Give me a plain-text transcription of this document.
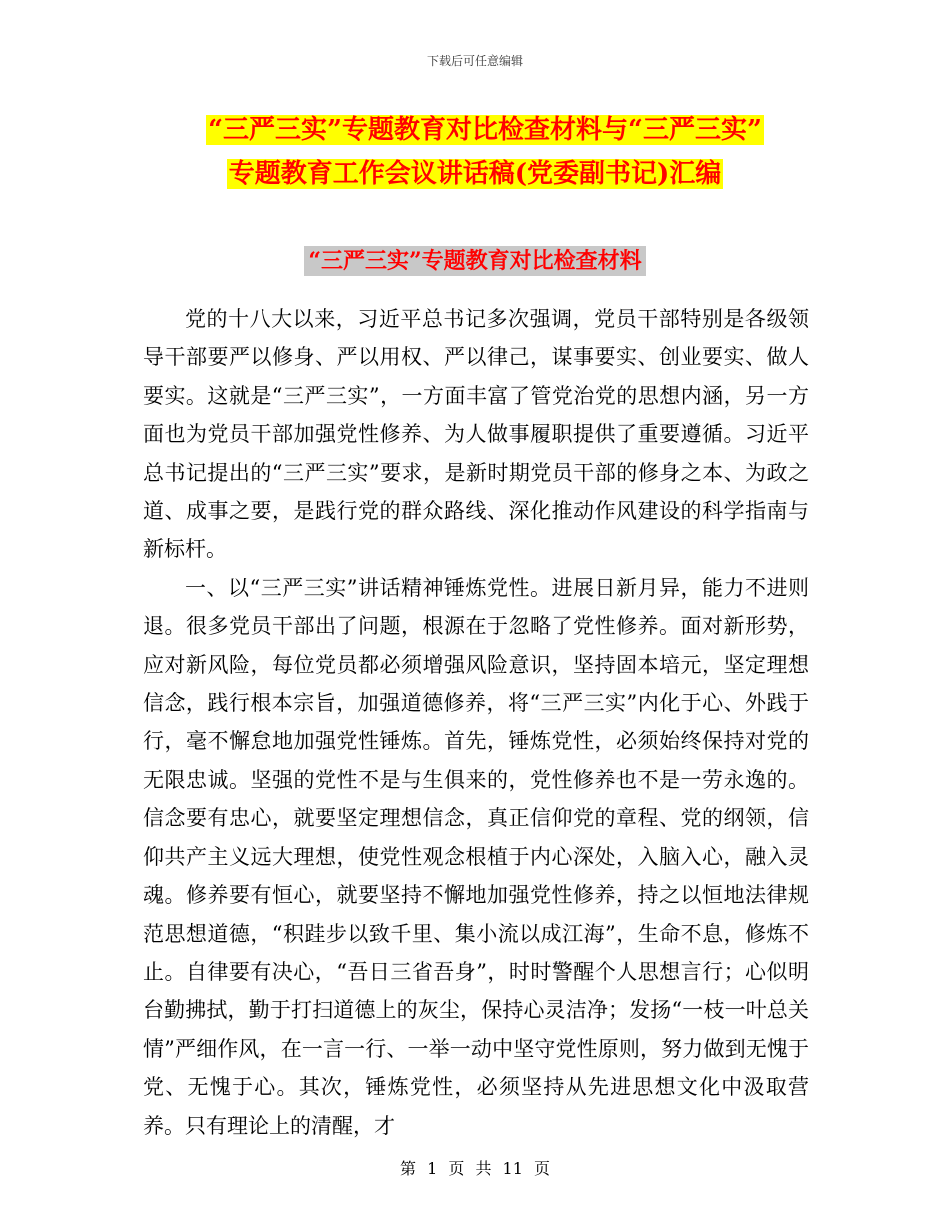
下载后可任意编辑
“三严三实”专题教育对比检查材料与“三严三实”
专题教育工作会议讲话稿(党委副书记)汇编
“三严三实”专题教育对比检查材料

党的十八大以来，习近平总书记多次强调，党员干部特别是各级领导干部要严以修身、严以用权、严以律己，谋事要实、创业要实、做人要实。这就是“三严三实”，一方面丰富了管党治党的思想内涵，另一方面也为党员干部加强党性修养、为人做事履职提供了重要遵循。习近平总书记提出的“三严三实”要求，是新时期党员干部的修身之本、为政之道、成事之要，是践行党的群众路线、深化推动作风建设的科学指南与新标杆。

一、以“三严三实”讲话精神锤炼党性。进展日新月异，能力不进则退。很多党员干部出了问题，根源在于忽略了党性修养。面对新形势，应对新风险，每位党员都必须增强风险意识，坚持固本培元，坚定理想信念，践行根本宗旨，加强道德修养，将“三严三实”内化于心、外践于行，毫不懈怠地加强党性锤炼。首先，锤炼党性，必须始终保持对党的无限忠诚。坚强的党性不是与生俱来的，党性修养也不是一劳永逸的。信念要有忠心，就要坚定理想信念，真正信仰党的章程、党的纲领，信仰共产主义远大理想，使党性观念根植于内心深处，入脑入心，融入灵魂。修养要有恒心，就要坚持不懈地加强党性修养，持之以恒地法律规范思想道德，“积跬步以致千里、集小流以成江海”，生命不息，修炼不止。自律要有决心，“吾日三省吾身”，时时警醒个人思想言行；心似明台勤拂拭，勤于打扫道德上的灰尘，保持心灵洁净；发扬“一枝一叶总关情”严细作风，在一言一行、一举一动中坚守党性原则，努力做到无愧于党、无愧于心。其次，锤炼党性，必须坚持从先进思想文化中汲取营养。只有理论上的清醒，才

第 1 页 共 11 页
